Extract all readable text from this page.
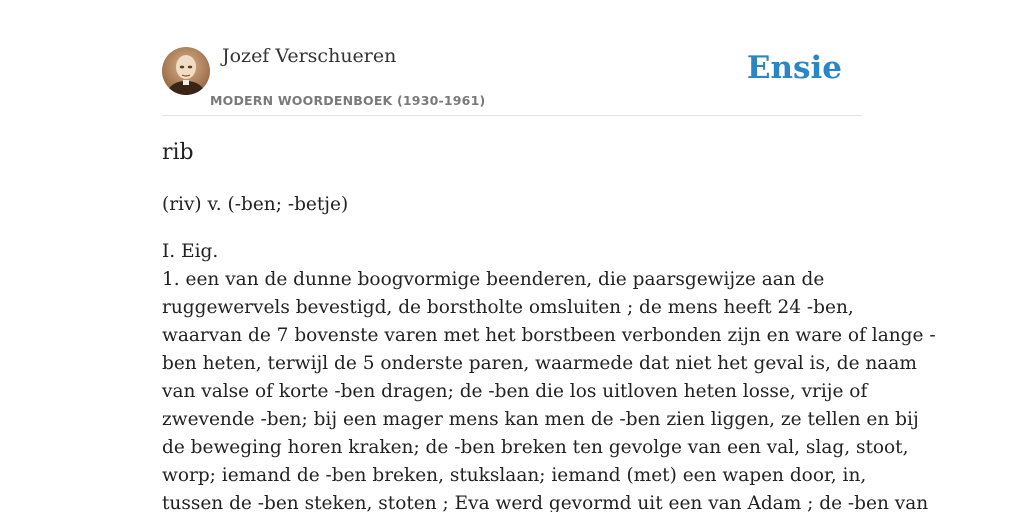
Jozef Verschueren
MODERN WOORDENBOEK (1930-1961)
Ensie
rib
(riv) v. (-ben; -betje)
I. Eig.
1. een van de dunne boogvormige beenderen, die paarsgewijze aan de
ruggewervels bevestigd, de borstholte omsluiten ; de mens heeft 24 -ben,
waarvan de 7 bovenste varen met het borstbeen verbonden zijn en ware of lange -
ben heten, terwijl de 5 onderste paren, waarmede dat niet het geval is, de naam
van valse of korte -ben dragen; de -ben die los uitloven heten losse, vrije of
zwevende -ben; bij een mager mens kan men de -ben zien liggen, ze tellen en bij
de beweging horen kraken; de -ben breken ten gevolge van een val, slag, stoot,
worp; iemand de -ben breken, stukslaan; iemand (met) een wapen door, in,
tussen de -ben steken, stoten ; Eva werd gevormd uit een van Adam ; de -ben van
